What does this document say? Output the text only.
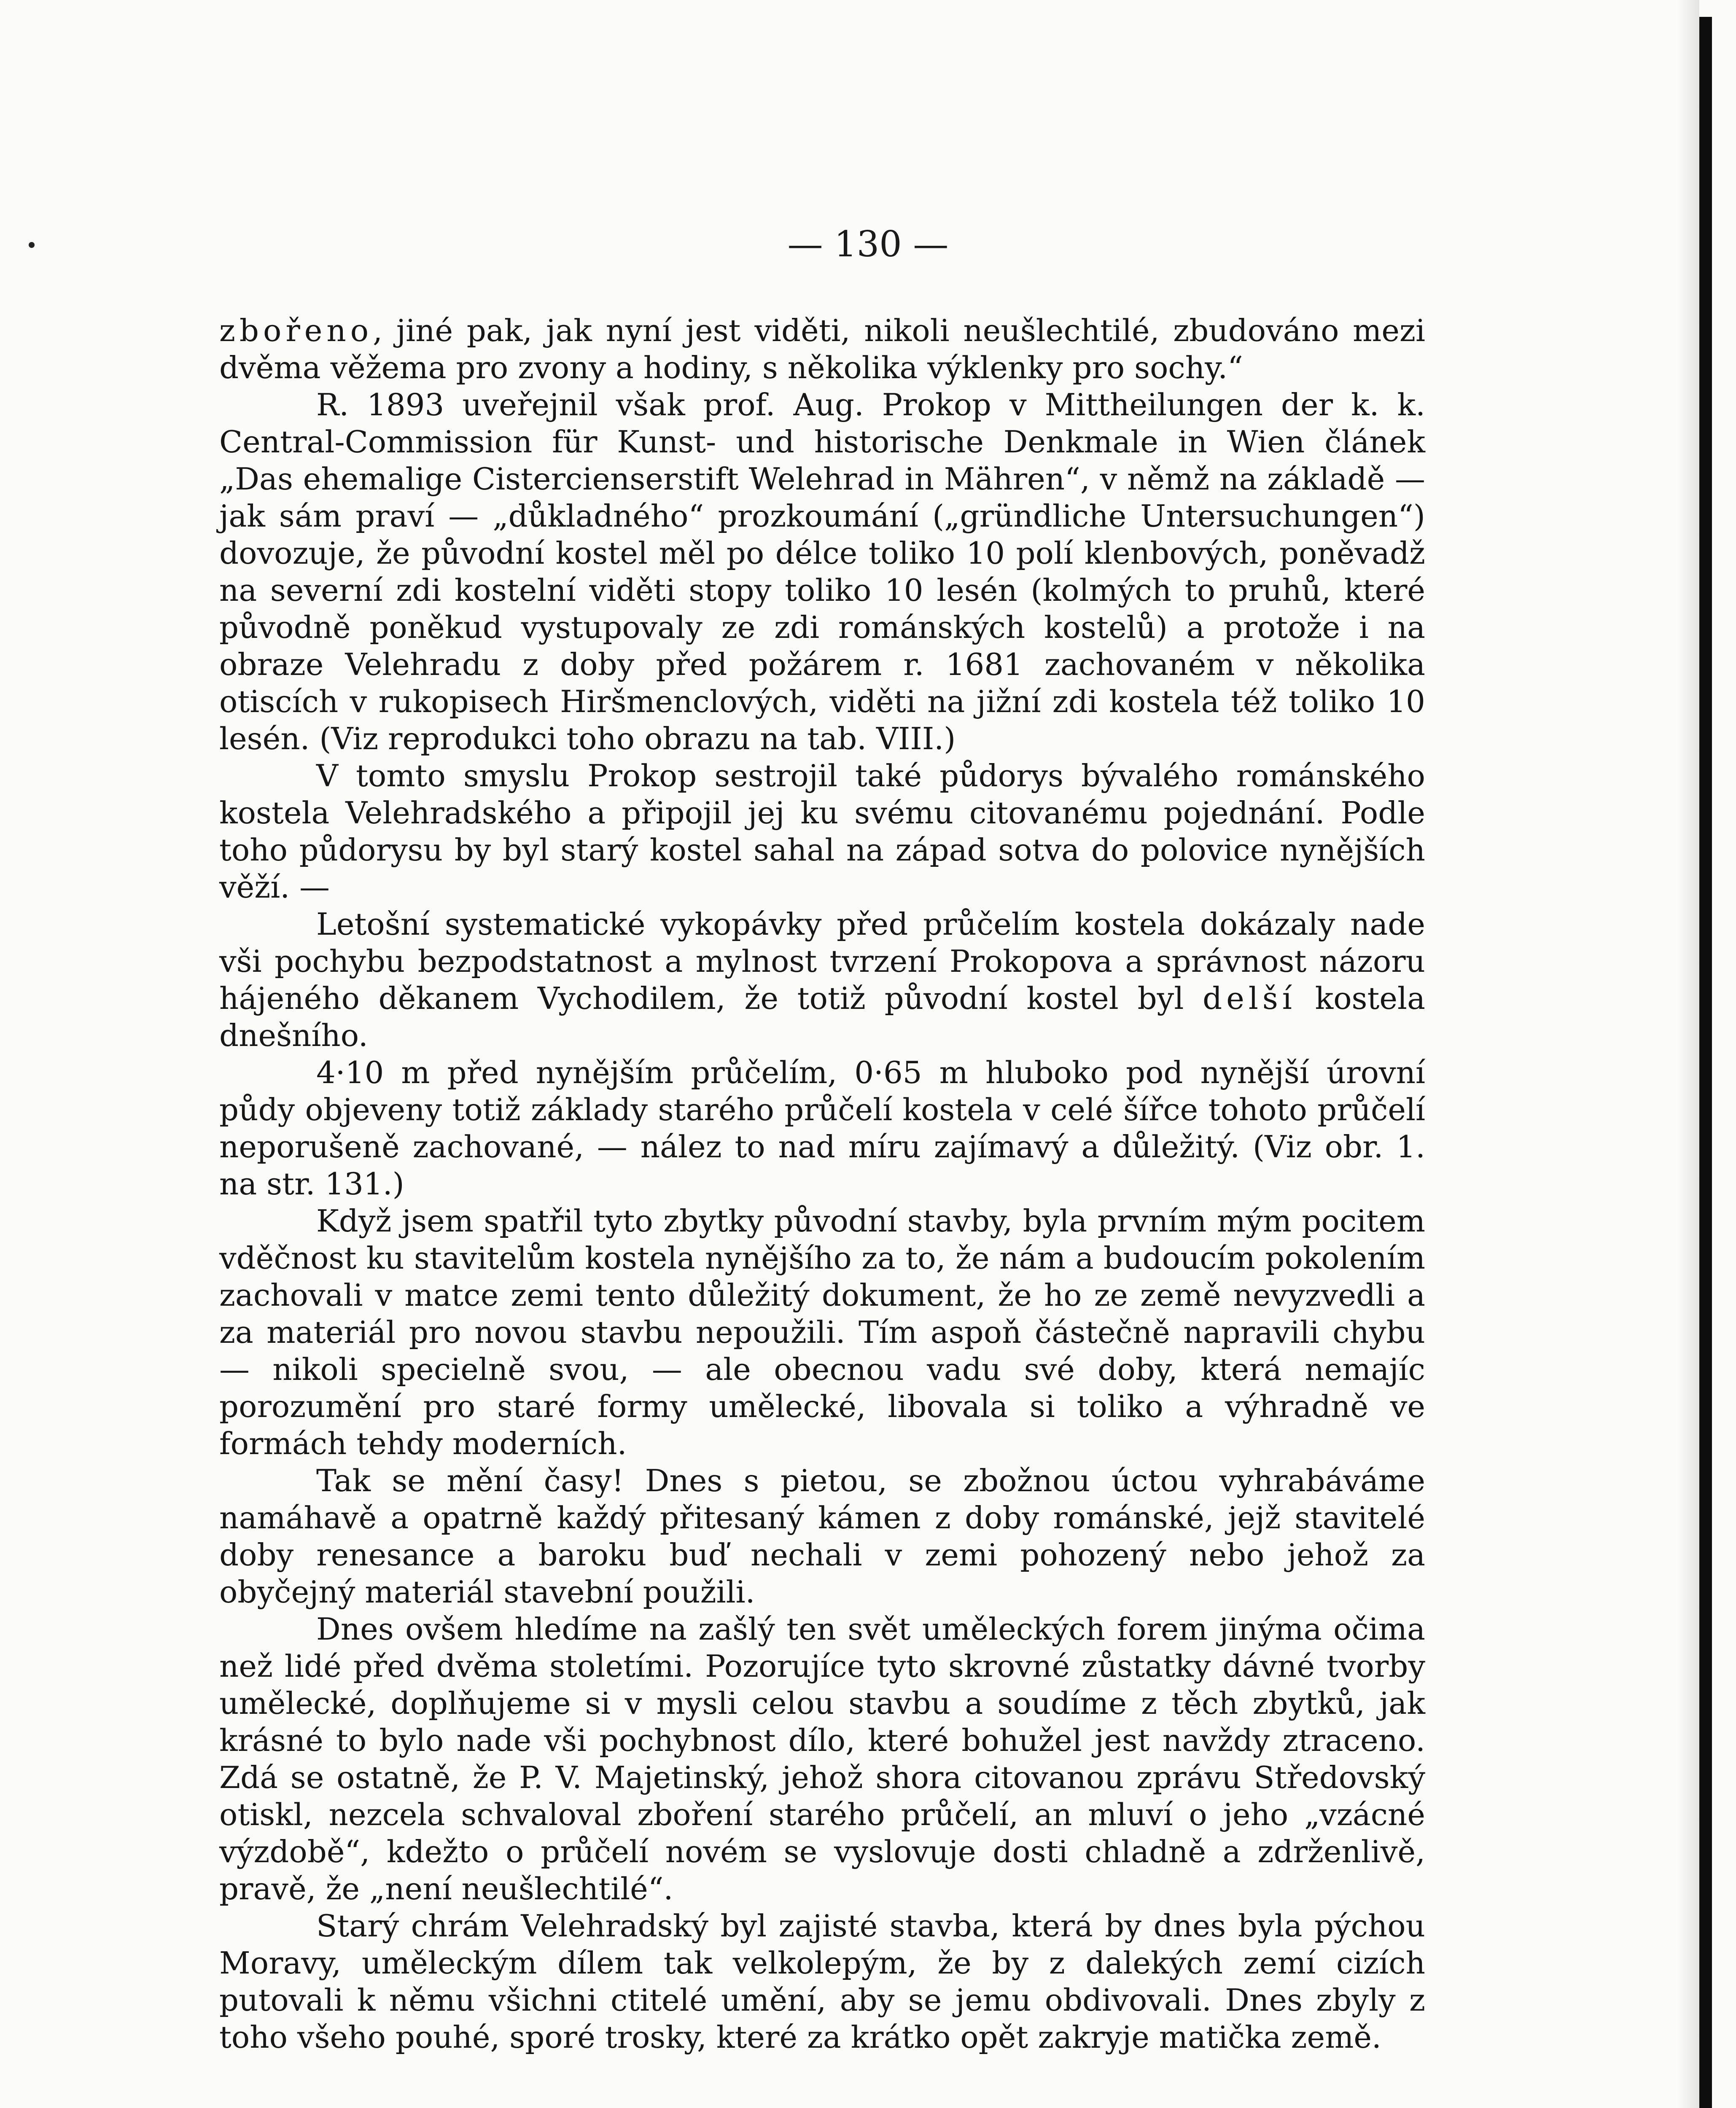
— 130 —

zbořeno, jiné pak, jak nyní jest viděti, nikoli neušlechtilé, zbudováno mezi dvěma věžema pro zvony a hodiny, s několika výklenky pro sochy.“

R. 1893 uveřejnil však prof. Aug. Prokop v Mittheilungen der k. k. Central-Commission für Kunst- und historische Denkmale in Wien článek „Das ehemalige Cistercienserstift Welehrad in Mähren“, v němž na základě — jak sám praví — „důkladného“ prozkoumání („gründliche Untersuchungen“) dovozuje, že původní kostel měl po délce toliko 10 polí klenbových, poněvadž na severní zdi kostelní viděti stopy toliko 10 lesén (kolmých to pruhů, které původně poněkud vystupovaly ze zdi románských kostelů) a protože i na obraze Velehradu z doby před požárem r. 1681 zachovaném v několika otiscích v rukopisech Hiršmenclových, viděti na jižní zdi kostela též toliko 10 lesén. (Viz reprodukci toho obrazu na tab. VIII.)

V tomto smyslu Prokop sestrojil také půdorys bývalého románského kostela Velehradského a připojil jej ku svému citovanému pojednání. Podle toho půdorysu by byl starý kostel sahal na západ sotva do polovice nynějších věží. —

Letošní systematické vykopávky před průčelím kostela dokázaly nade vši pochybu bezpodstatnost a mylnost tvrzení Prokopova a správnost názoru hájeného děkanem Vychodilem, že totiž původní kostel byl delší kostela dnešního.

4·10 m před nynějším průčelím, 0·65 m hluboko pod nynější úrovní půdy objeveny totiž základy starého průčelí kostela v celé šířce tohoto průčelí neporušeně zachované, — nález to nad míru zajímavý a důležitý. (Viz obr. 1. na str. 131.)

Když jsem spatřil tyto zbytky původní stavby, byla prvním mým pocitem vděčnost ku stavitelům kostela nynějšího za to, že nám a budoucím pokolením zachovali v matce zemi tento důležitý dokument, že ho ze země nevyzvedli a za materiál pro novou stavbu nepoužili. Tím aspoň částečně napravili chybu — nikoli specielně svou, — ale obecnou vadu své doby, která nemajíc porozumění pro staré formy umělecké, libovala si toliko a výhradně ve formách tehdy moderních.

Tak se mění časy! Dnes s pietou, se zbožnou úctou vyhrabáváme namáhavě a opatrně každý přitesaný kámen z doby románské, jejž stavitelé doby renesance a baroku buď nechali v zemi pohozený nebo jehož za obyčejný materiál stavební použili.

Dnes ovšem hledíme na zašlý ten svět uměleckých forem jinýma očima než lidé před dvěma stoletími. Pozorujíce tyto skrovné zůstatky dávné tvorby umělecké, doplňujeme si v mysli celou stavbu a soudíme z těch zbytků, jak krásné to bylo nade vši pochybnost dílo, které bohužel jest navždy ztraceno. Zdá se ostatně, že P. V. Majetinský, jehož shora citovanou zprávu Středovský otiskl, nezcela schvaloval zboření starého průčelí, an mluví o jeho „vzácné výzdobě“, kdežto o průčelí novém se vyslovuje dosti chladně a zdrženlivě, pravě, že „není neušlechtilé“.

Starý chrám Velehradský byl zajisté stavba, která by dnes byla pýchou Moravy, uměleckým dílem tak velkolepým, že by z dalekých zemí cizích putovali k němu všichni ctitelé umění, aby se jemu obdivovali. Dnes zbyly z toho všeho pouhé, sporé trosky, které za krátko opět zakryje matička země.
